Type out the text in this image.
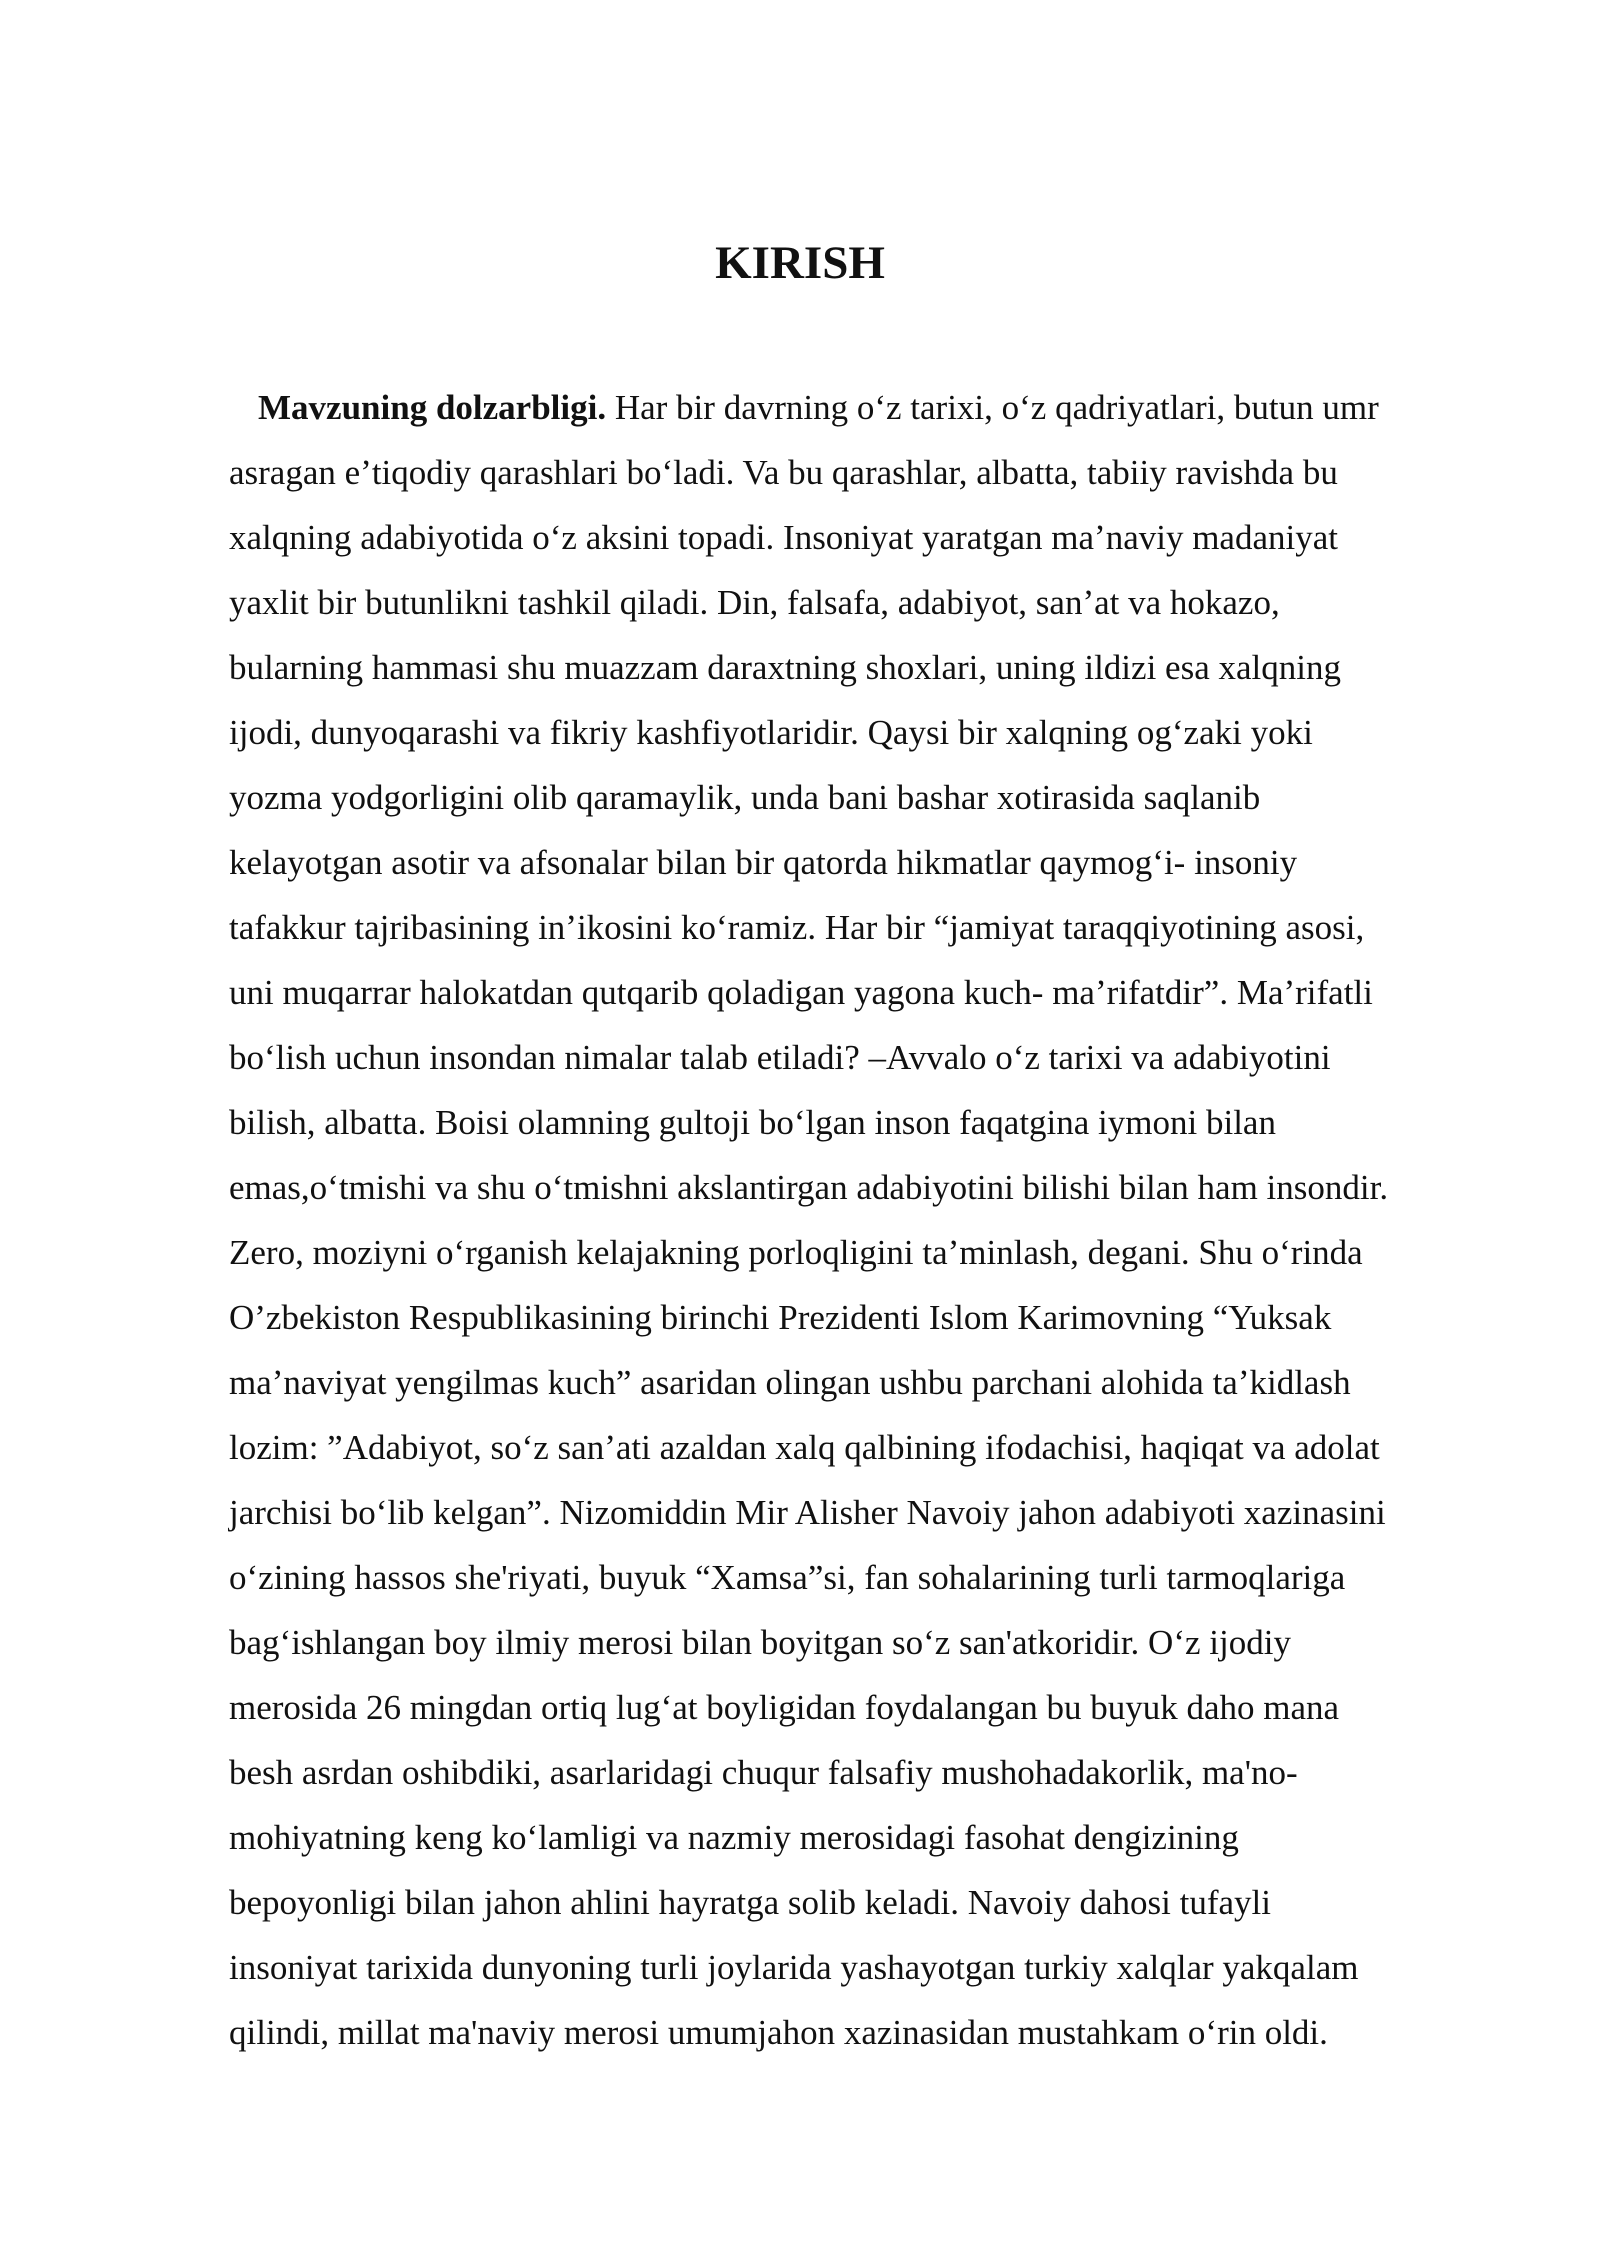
KIRISH
Mavzuning dolzarbligi. Har bir davrning oʻz tarixi, oʻz qadriyatlari, butun umr
asragan eʼtiqodiy qarashlari boʻladi. Va bu qarashlar, albatta, tabiiy ravishda bu
xalqning adabiyotida oʻz aksini topadi. Insoniyat yaratgan maʼnaviy madaniyat
yaxlit bir butunlikni tashkil qiladi. Din, falsafa, adabiyot, sanʼat va hokazo,
bularning hammasi shu muazzam daraxtning shoxlari, uning ildizi esa xalqning
ijodi, dunyoqarashi va fikriy kashfiyotlaridir. Qaysi bir xalqning ogʻzaki yoki
yozma yodgorligini olib qaramaylik, unda bani bashar xotirasida saqlanib
kelayotgan asotir va afsonalar bilan bir qatorda hikmatlar qaymogʻi- insoniy
tafakkur tajribasining inʼikosini koʻramiz. Har bir “jamiyat taraqqiyotining asosi,
uni muqarrar halokatdan qutqarib qoladigan yagona kuch- maʼrifatdir”. Maʼrifatli
boʻlish uchun insondan nimalar talab etiladi? –Avvalo oʻz tarixi va adabiyotini
bilish, albatta. Boisi olamning gultoji boʻlgan inson faqatgina iymoni bilan
emas,oʻtmishi va shu oʻtmishni akslantirgan adabiyotini bilishi bilan ham insondir.
Zero, moziyni oʻrganish kelajakning porloqligini taʼminlash, degani. Shu oʻrinda
O’zbekiston Respublikasining birinchi Prezidenti Islom Karimovning “Yuksak
maʼnaviyat yengilmas kuch” asaridan olingan ushbu parchani alohida taʼkidlash
lozim: ”Adabiyot, soʻz sanʼati azaldan xalq qalbining ifodachisi, haqiqat va adolat
jarchisi boʻlib kelgan”. Nizomiddin Mir Alisher Navoiy jahon adabiyoti xazinasini
oʻzining hassos she'riyati, buyuk “Xamsa”si, fan sohalarining turli tarmoqlariga
bagʻishlangan boy ilmiy merosi bilan boyitgan soʻz san'atkoridir. Oʻz ijodiy
merosida 26 mingdan ortiq lugʻat boyligidan foydalangan bu buyuk daho mana
besh asrdan oshibdiki, asarlaridagi chuqur falsafiy mushohadakorlik, ma'no-
mohiyatning keng koʻlamligi va nazmiy merosidagi fasohat dengizining
bepoyonligi bilan jahon ahlini hayratga solib keladi. Navoiy dahosi tufayli
insoniyat tarixida dunyoning turli joylarida yashayotgan turkiy xalqlar yakqalam
qilindi, millat ma'naviy merosi umumjahon xazinasidan mustahkam oʻrin oldi.
